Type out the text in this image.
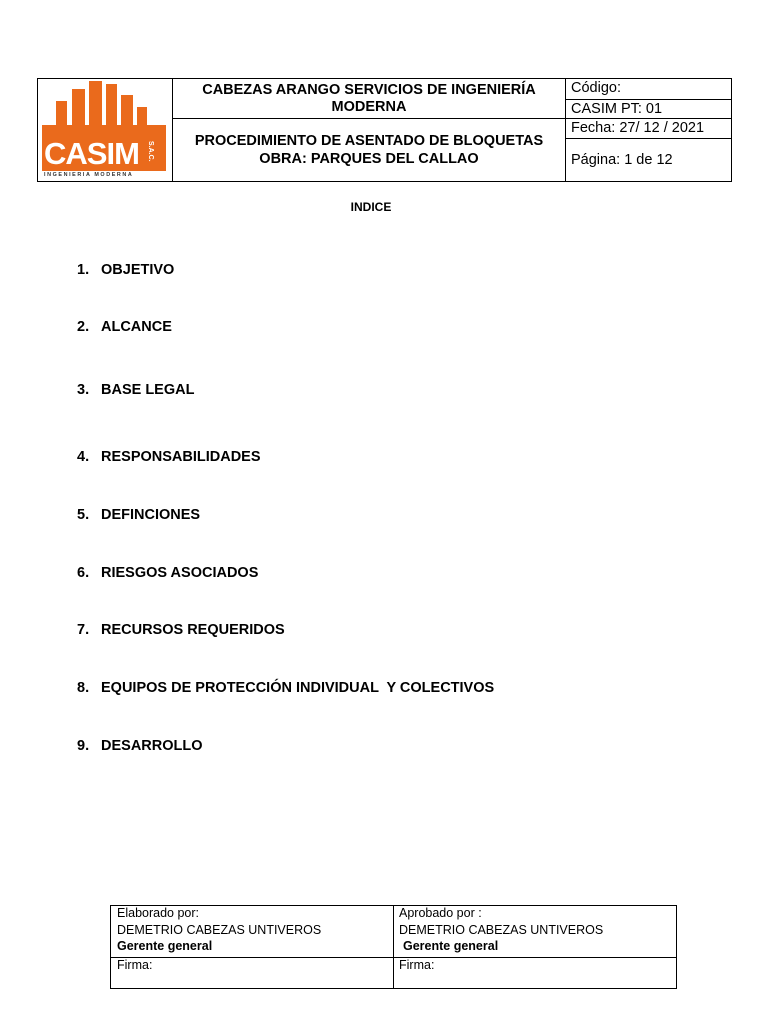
CASIM S.A.C.
INGENIERIA MODERNA
CABEZAS ARANGO SERVICIOS DE INGENIERÍA
MODERNA
PROCEDIMIENTO DE ASENTADO DE BLOQUETAS
OBRA: PARQUES DEL CALLAO
Código:
CASIM PT: 01
Fecha: 27/ 12 / 2021
Página: 1 de 12
INDICE
1. OBJETIVO
2. ALCANCE
3. BASE LEGAL
4. RESPONSABILIDADES
5. DEFINCIONES
6. RIESGOS ASOCIADOS
7. RECURSOS REQUERIDOS
8. EQUIPOS DE PROTECCIÓN INDIVIDUAL  Y COLECTIVOS
9. DESARROLLO
Elaborado por:
DEMETRIO CABEZAS UNTIVEROS
Gerente general
Firma:
Aprobado por :
DEMETRIO CABEZAS UNTIVEROS
Gerente general
Firma:
